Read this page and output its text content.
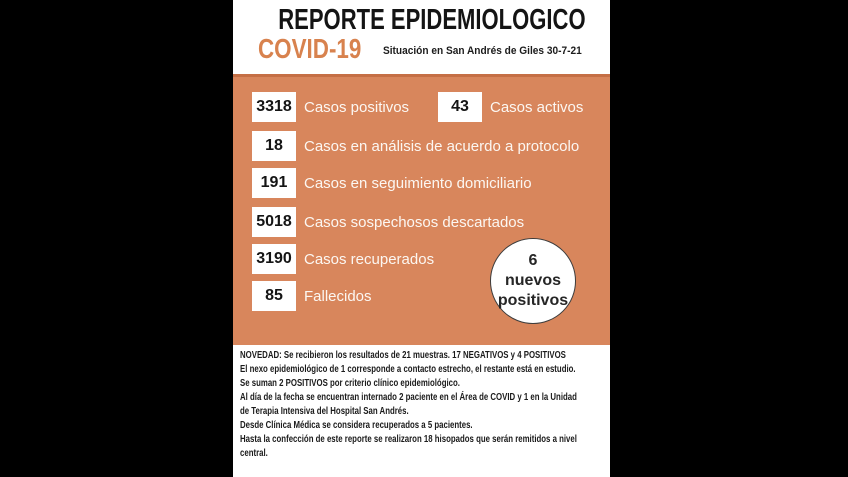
REPORTE EPIDEMIOLOGICO
COVID-19 Situación en San Andrés de Giles 30-7-21
3318 Casos positivos	43	Casos activos
18	Casos en análisis de acuerdo a protocolo
191	Casos en seguimiento domiciliario
5018 Casos sospechosos descartados
3190 Casos recuperados
85	Fallecidos
6
nuevos
positivos
NOVEDAD: Se recibieron los resultados de 21 muestras. 17 NEGATIVOS y 4 POSITIVOS
El nexo epidemiológico de 1 corresponde a contacto estrecho, el restante está en estudio.
Se suman 2 POSITIVOS por criterio clínico epidemiológico.
Al día de la fecha se encuentran internado 2 paciente en el Área de COVID y 1 en la Unidad
de Terapia Intensiva del Hospital San Andrés.
Desde Clínica Médica se considera recuperados a 5 pacientes.
Hasta la confección de este reporte se realizaron 18 hisopados que serán remitidos a nivel
central.
